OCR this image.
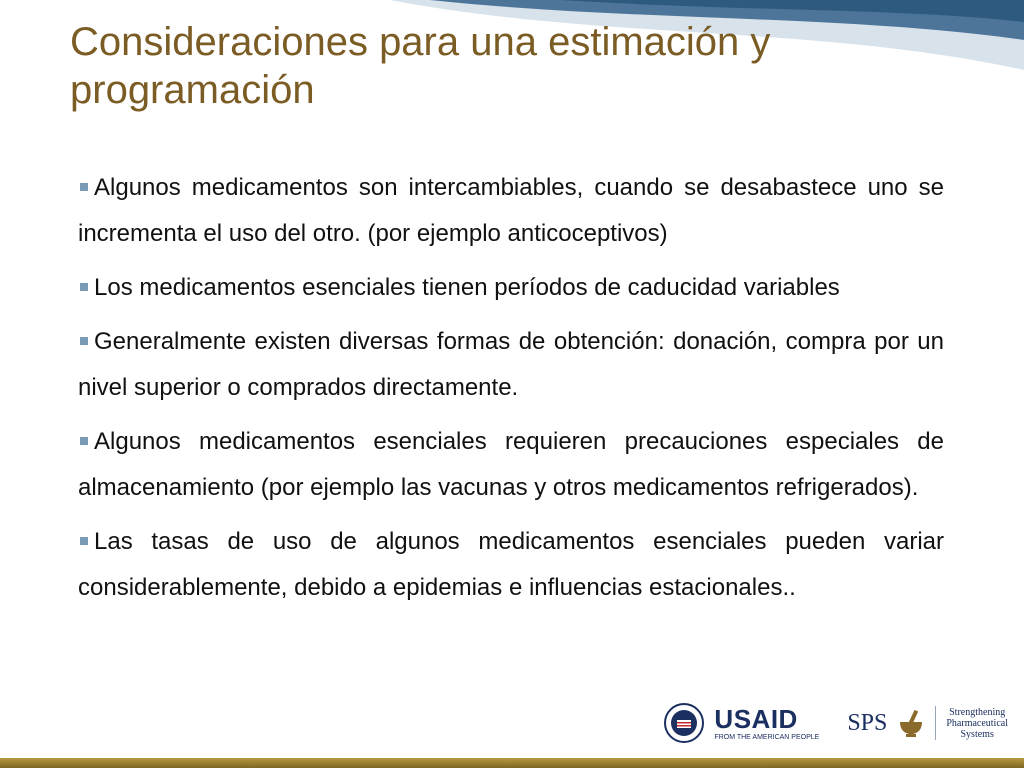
Consideraciones para una estimación y programación
Algunos medicamentos son intercambiables, cuando se desabastece uno se incrementa el uso del otro. (por ejemplo anticoceptivos)
Los medicamentos esenciales tienen períodos de caducidad variables
Generalmente existen diversas formas de obtención: donación, compra por un nivel superior o comprados directamente.
Algunos medicamentos esenciales requieren precauciones especiales de almacenamiento (por ejemplo las vacunas y otros medicamentos refrigerados).
Las tasas de uso de algunos medicamentos esenciales pueden variar considerablemente, debido a epidemias e influencias estacionales..
USAID
FROM THE AMERICAN PEOPLE
SPS	Strengthening
Pharmaceutical
Systems
